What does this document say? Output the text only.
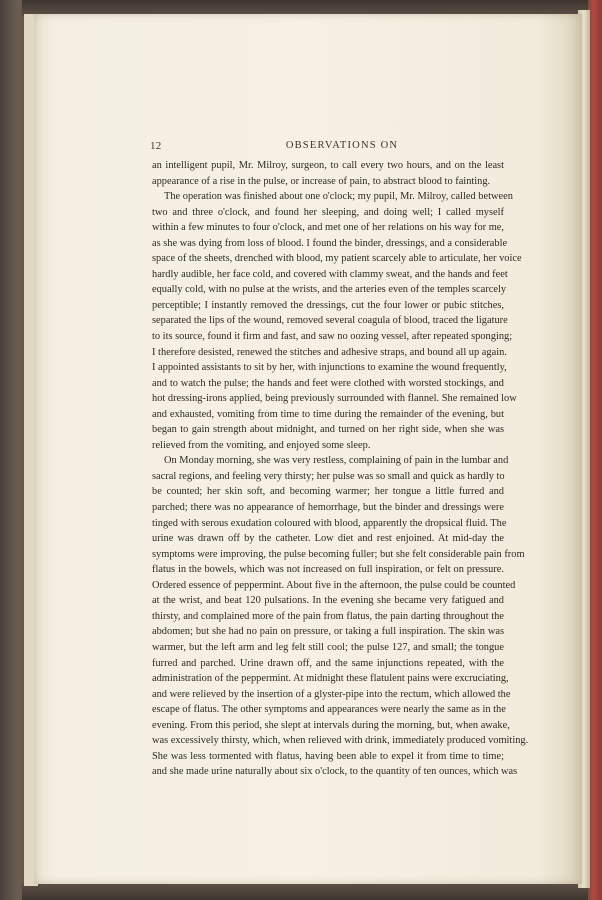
12	OBSERVATIONS ON
an intelligent pupil, Mr. Milroy, surgeon, to call every two hours, and on the least
appearance of a rise in the pulse, or increase of pain, to abstract blood to fainting.
The operation was finished about one o'clock; my pupil, Mr. Milroy, called between
two and three o'clock, and found her sleeping, and doing well; I called myself
within a few minutes to four o'clock, and met one of her relations on his way for me,
as she was dying from loss of blood. I found the binder, dressings, and a considerable
space of the sheets, drenched with blood, my patient scarcely able to articulate, her voice
hardly audible, her face cold, and covered with clammy sweat, and the hands and feet
equally cold, with no pulse at the wrists, and the arteries even of the temples scarcely
perceptible; I instantly removed the dressings, cut the four lower or pubic stitches,
separated the lips of the wound, removed several coagula of blood, traced the ligature
to its source, found it firm and fast, and saw no oozing vessel, after repeated sponging;
I therefore desisted, renewed the stitches and adhesive straps, and bound all up again.
I appointed assistants to sit by her, with injunctions to examine the wound frequently,
and to watch the pulse; the hands and feet were clothed with worsted stockings, and
hot dressing-irons applied, being previously surrounded with flannel. She remained low
and exhausted, vomiting from time to time during the remainder of the evening, but
began to gain strength about midnight, and turned on her right side, when she was
relieved from the vomiting, and enjoyed some sleep.
On Monday morning, she was very restless, complaining of pain in the lumbar and
sacral regions, and feeling very thirsty; her pulse was so small and quick as hardly to
be counted; her skin soft, and becoming warmer; her tongue a little furred and
parched; there was no appearance of hemorrhage, but the binder and dressings were
tinged with serous exudation coloured with blood, apparently the dropsical fluid. The
urine was drawn off by the catheter. Low diet and rest enjoined. At mid-day the
symptoms were improving, the pulse becoming fuller; but she felt considerable pain from
flatus in the bowels, which was not increased on full inspiration, or felt on pressure.
Ordered essence of peppermint. About five in the afternoon, the pulse could be counted
at the wrist, and beat 120 pulsations. In the evening she became very fatigued and
thirsty, and complained more of the pain from flatus, the pain darting throughout the
abdomen; but she had no pain on pressure, or taking a full inspiration. The skin was
warmer, but the left arm and leg felt still cool; the pulse 127, and small; the tongue
furred and parched. Urine drawn off, and the same injunctions repeated, with the
administration of the peppermint. At midnight these flatulent pains were excruciating,
and were relieved by the insertion of a glyster-pipe into the rectum, which allowed the
escape of flatus. The other symptoms and appearances were nearly the same as in the
evening. From this period, she slept at intervals during the morning, but, when awake,
was excessively thirsty, which, when relieved with drink, immediately produced vomiting.
She was less tormented with flatus, having been able to expel it from time to time;
and she made urine naturally about six o'clock, to the quantity of ten ounces, which was
